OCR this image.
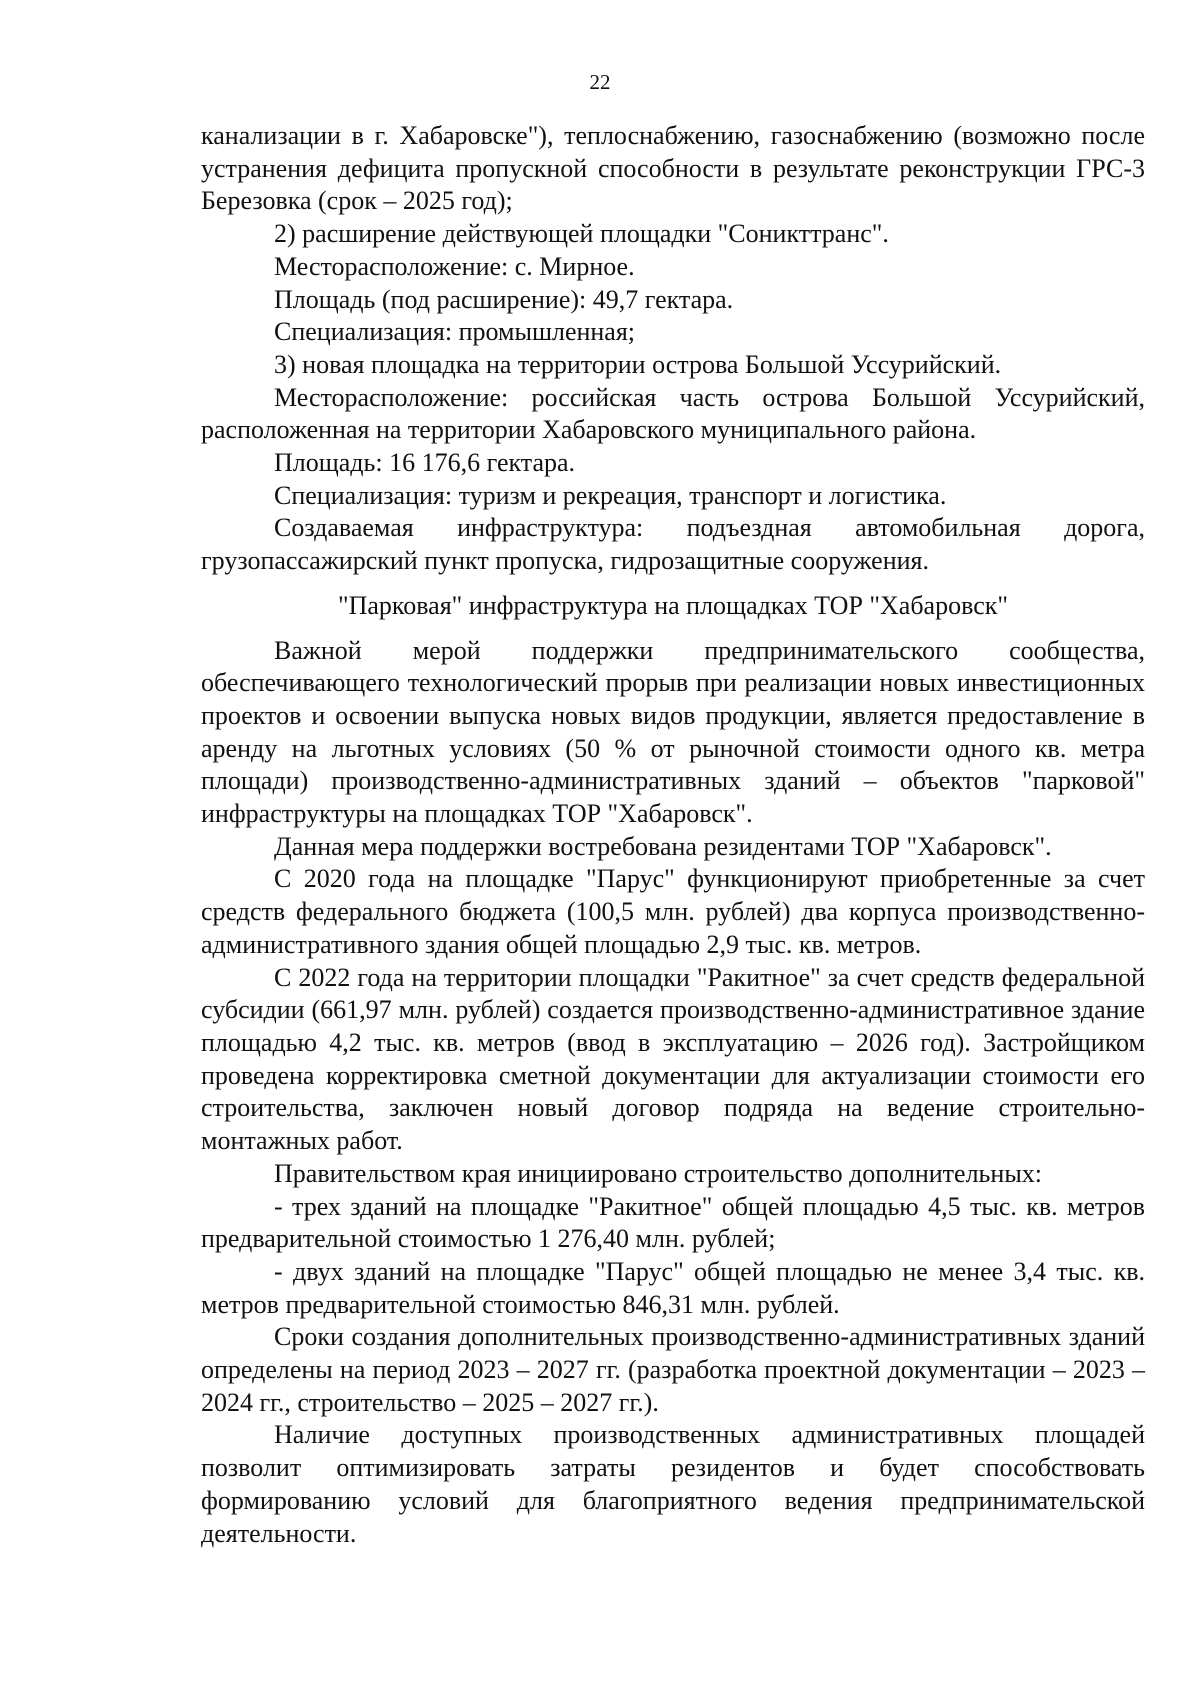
22

канализации в г. Хабаровске"), теплоснабжению, газоснабжению (возможно после устранения дефицита пропускной способности в результате реконструкции ГРС-3 Березовка (срок – 2025 год);

2) расширение действующей площадки "Соникттранс".

Месторасположение: с. Мирное.

Площадь (под расширение): 49,7 гектара.

Специализация: промышленная;

3) новая площадка на территории острова Большой Уссурийский.

Месторасположение: российская часть острова Большой Уссурийский, расположенная на территории Хабаровского муниципального района.

Площадь: 16 176,6 гектара.

Специализация: туризм и рекреация, транспорт и логистика.

Создаваемая инфраструктура: подъездная автомобильная дорога, грузопассажирский пункт пропуска, гидрозащитные сооружения.

"Парковая" инфраструктура на площадках ТОР "Хабаровск"

Важной мерой поддержки предпринимательского сообщества, обеспечивающего технологический прорыв при реализации новых инвестиционных проектов и освоении выпуска новых видов продукции, является предоставление в аренду на льготных условиях (50 % от рыночной стоимости одного кв. метра площади) производственно-административных зданий – объектов "парковой" инфраструктуры на площадках ТОР "Хабаровск".

Данная мера поддержки востребована резидентами ТОР "Хабаровск".

С 2020 года на площадке "Парус" функционируют приобретенные за счет средств федерального бюджета (100,5 млн. рублей) два корпуса производственно-административного здания общей площадью 2,9 тыс. кв. метров.

С 2022 года на территории площадки "Ракитное" за счет средств федеральной субсидии (661,97 млн. рублей) создается производственно-административное здание площадью 4,2 тыс. кв. метров (ввод в эксплуатацию – 2026 год). Застройщиком проведена корректировка сметной документации для актуализации стоимости его строительства, заключен новый договор подряда на ведение строительно-монтажных работ.

Правительством края инициировано строительство дополнительных:

- трех зданий на площадке "Ракитное" общей площадью 4,5 тыс. кв. метров предварительной стоимостью 1 276,40 млн. рублей;

- двух зданий на площадке "Парус" общей площадью не менее 3,4 тыс. кв. метров предварительной стоимостью 846,31 млн. рублей.

Сроки создания дополнительных производственно-административных зданий определены на период 2023 – 2027 гг. (разработка проектной документации – 2023 – 2024 гг., строительство – 2025 – 2027 гг.).

Наличие доступных производственных административных площадей позволит оптимизировать затраты резидентов и будет способствовать формированию условий для благоприятного ведения предпринимательской деятельности.
